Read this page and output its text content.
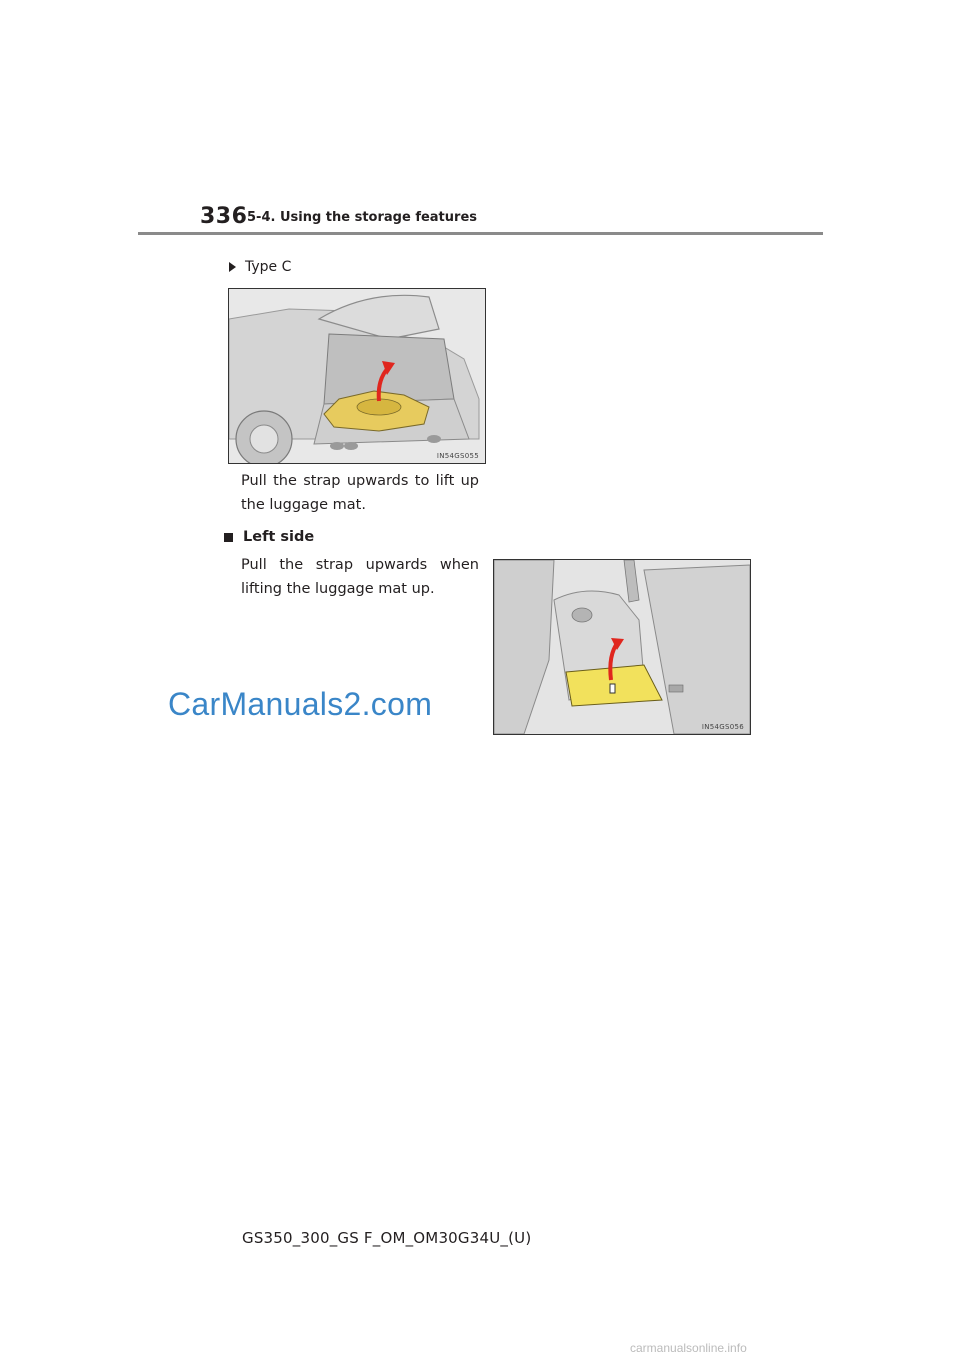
336 5-4. Using the storage features
Type C
IN54GS055
Pull the strap upwards to lift up the luggage mat.
Left side
Pull the strap upwards when lifting the luggage mat up.
IN54GS056
CarManuals2.com
GS350_300_GS F_OM_OM30G34U_(U)
carmanualsonline.info
